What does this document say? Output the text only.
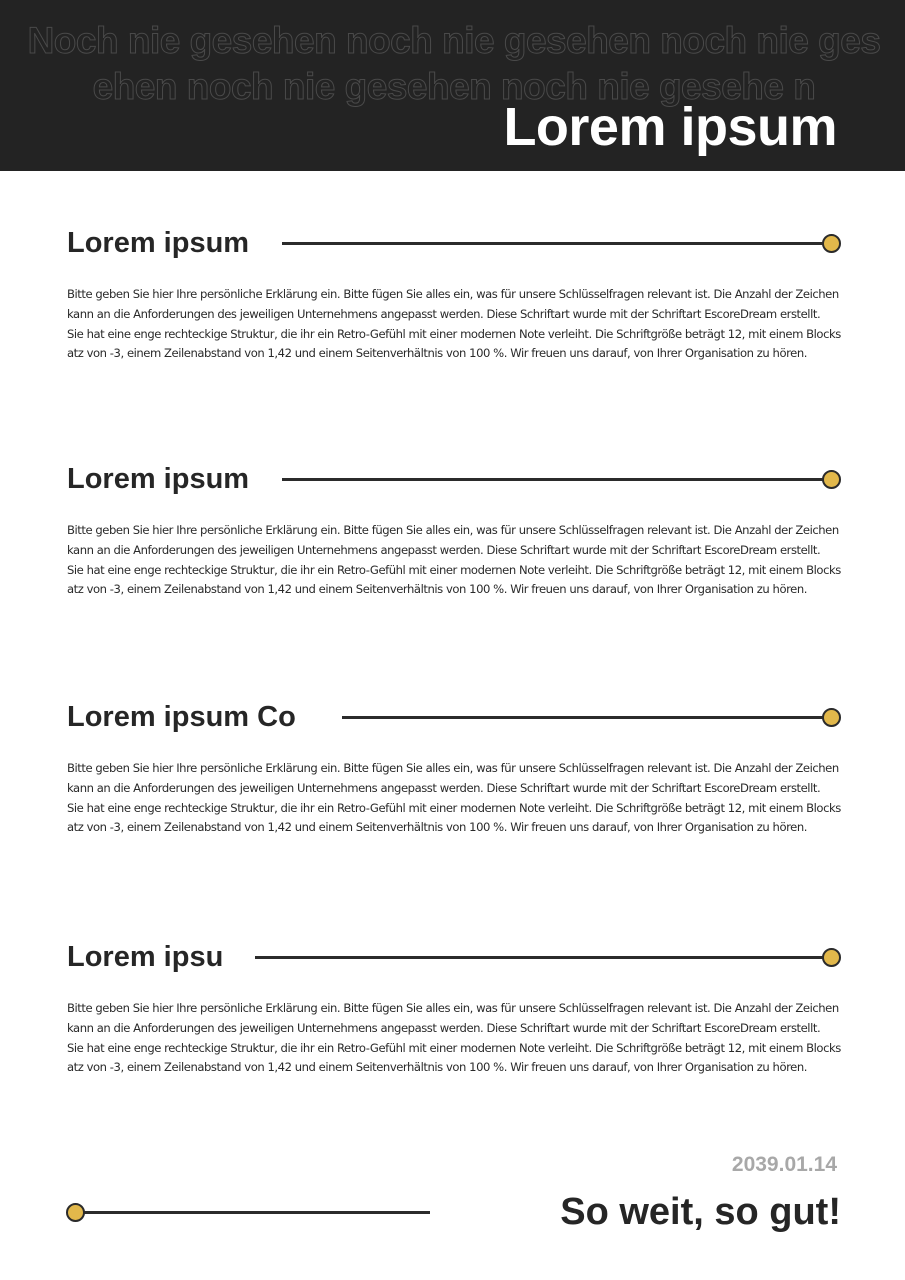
Noch nie gesehen noch nie gesehen noch nie gesehen noch nie gesehen noch nie gesehe n
Lorem ipsum
Lorem ipsum

Bitte geben Sie hier Ihre persönliche Erklärung ein. Bitte fügen Sie alles ein, was für unsere Schlüsselfragen relevant ist. Die Anzahl der Zeichen kann an die Anforderungen des jeweiligen Unternehmens angepasst werden. Diese Schriftart wurde mit der Schriftart EscoreDream erstellt.

Sie hat eine enge rechteckige Struktur, die ihr ein Retro-Gefühl mit einer modernen Note verleiht. Die Schriftgröße beträgt 12, mit einem Blocksatz von -3, einem Zeilenabstand von 1,42 und einem Seitenverhältnis von 100 %. Wir freuen uns darauf, von Ihrer Organisation zu hören.

Lorem ipsum

Bitte geben Sie hier Ihre persönliche Erklärung ein. Bitte fügen Sie alles ein, was für unsere Schlüsselfragen relevant ist. Die Anzahl der Zeichen kann an die Anforderungen des jeweiligen Unternehmens angepasst werden. Diese Schriftart wurde mit der Schriftart EscoreDream erstellt.

Sie hat eine enge rechteckige Struktur, die ihr ein Retro-Gefühl mit einer modernen Note verleiht. Die Schriftgröße beträgt 12, mit einem Blocksatz von -3, einem Zeilenabstand von 1,42 und einem Seitenverhältnis von 100 %. Wir freuen uns darauf, von Ihrer Organisation zu hören.

Lorem ipsum Co

Bitte geben Sie hier Ihre persönliche Erklärung ein. Bitte fügen Sie alles ein, was für unsere Schlüsselfragen relevant ist. Die Anzahl der Zeichen kann an die Anforderungen des jeweiligen Unternehmens angepasst werden. Diese Schriftart wurde mit der Schriftart EscoreDream erstellt.

Sie hat eine enge rechteckige Struktur, die ihr ein Retro-Gefühl mit einer modernen Note verleiht. Die Schriftgröße beträgt 12, mit einem Blocksatz von -3, einem Zeilenabstand von 1,42 und einem Seitenverhältnis von 100 %. Wir freuen uns darauf, von Ihrer Organisation zu hören.

Lorem ipsu

Bitte geben Sie hier Ihre persönliche Erklärung ein. Bitte fügen Sie alles ein, was für unsere Schlüsselfragen relevant ist. Die Anzahl der Zeichen kann an die Anforderungen des jeweiligen Unternehmens angepasst werden. Diese Schriftart wurde mit der Schriftart EscoreDream erstellt.

Sie hat eine enge rechteckige Struktur, die ihr ein Retro-Gefühl mit einer modernen Note verleiht. Die Schriftgröße beträgt 12, mit einem Blocksatz von -3, einem Zeilenabstand von 1,42 und einem Seitenverhältnis von 100 %. Wir freuen uns darauf, von Ihrer Organisation zu hören.

2039.01.14
So weit, so gut!
